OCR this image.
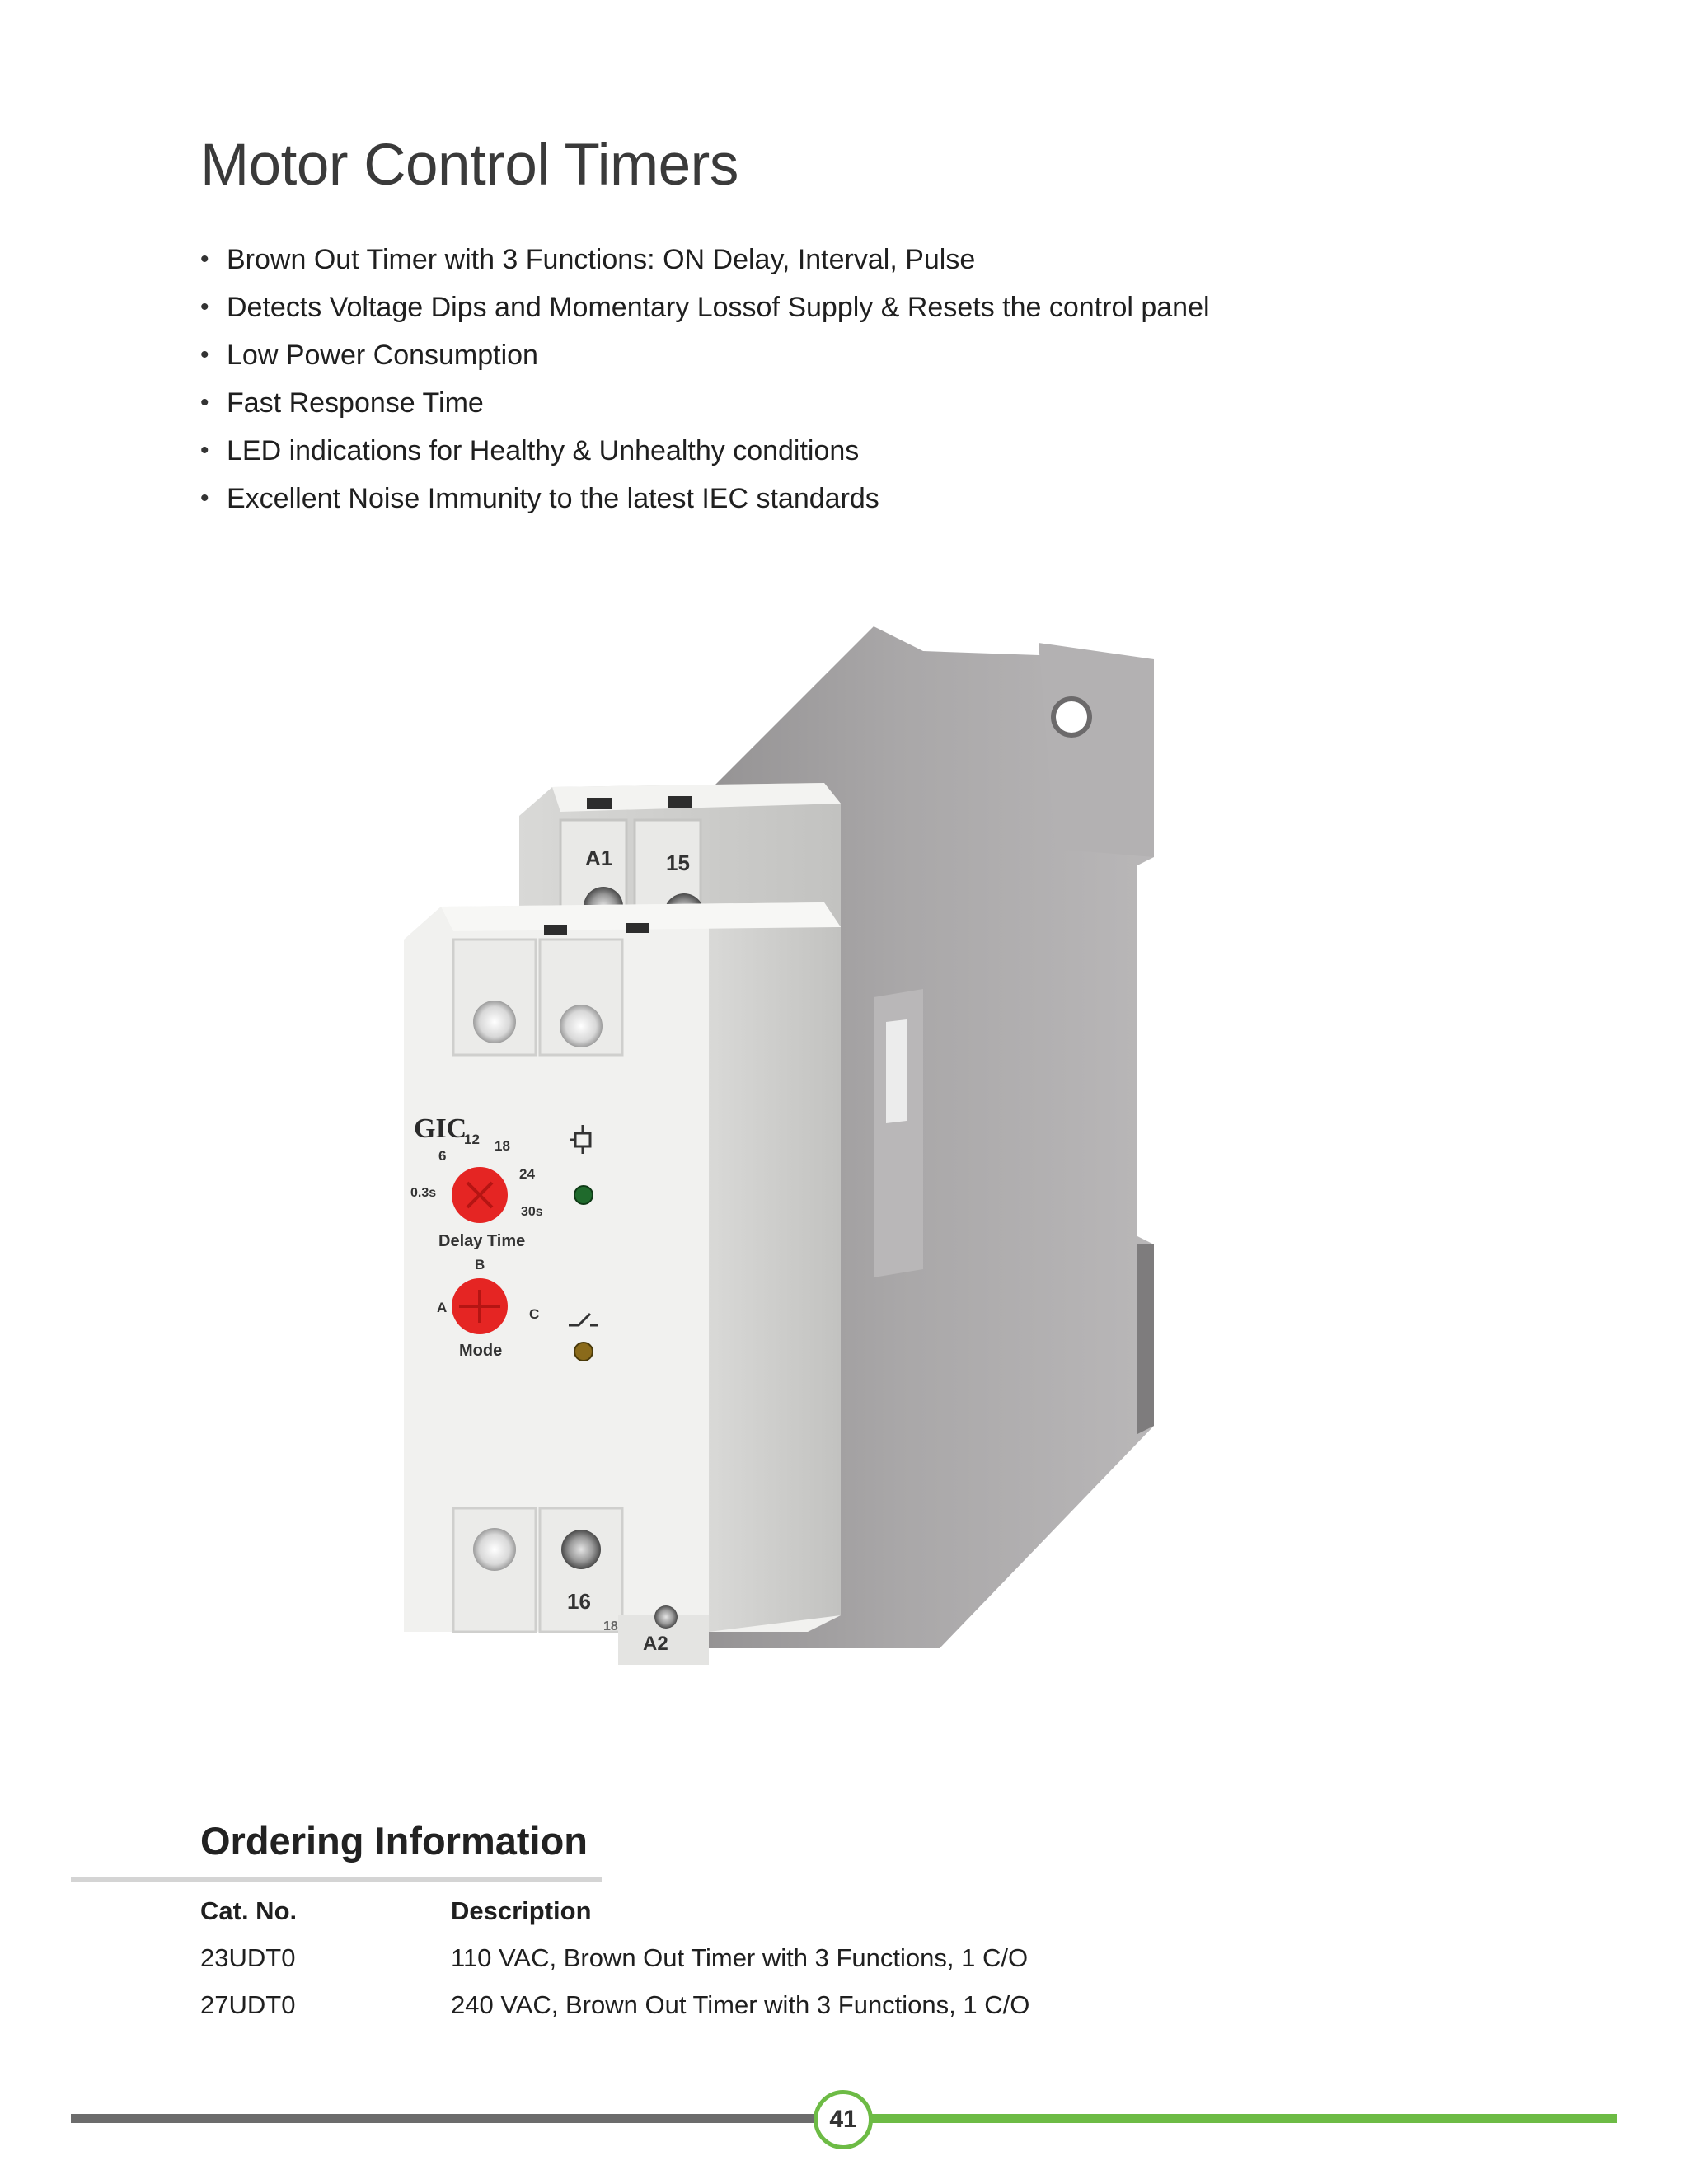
Motor Control Timers
• Brown Out Timer with 3 Functions: ON Delay, Interval, Pulse
• Detects Voltage Dips and Momentary Lossof Supply & Resets the control panel
• Low Power Consumption
• Fast Response Time
• LED indications for Healthy & Unhealthy conditions
• Excellent Noise Immunity to the latest IEC standards
A1 15
GIC
0.3s
6
12 18
24
30s
Delay Time
A
B
C
Mode
16
18
A2
Ordering Information
Cat. No.	Description
23UDT0	110 VAC, Brown Out Timer with 3 Functions, 1 C/O
27UDT0	240 VAC, Brown Out Timer with 3 Functions, 1 C/O
41
